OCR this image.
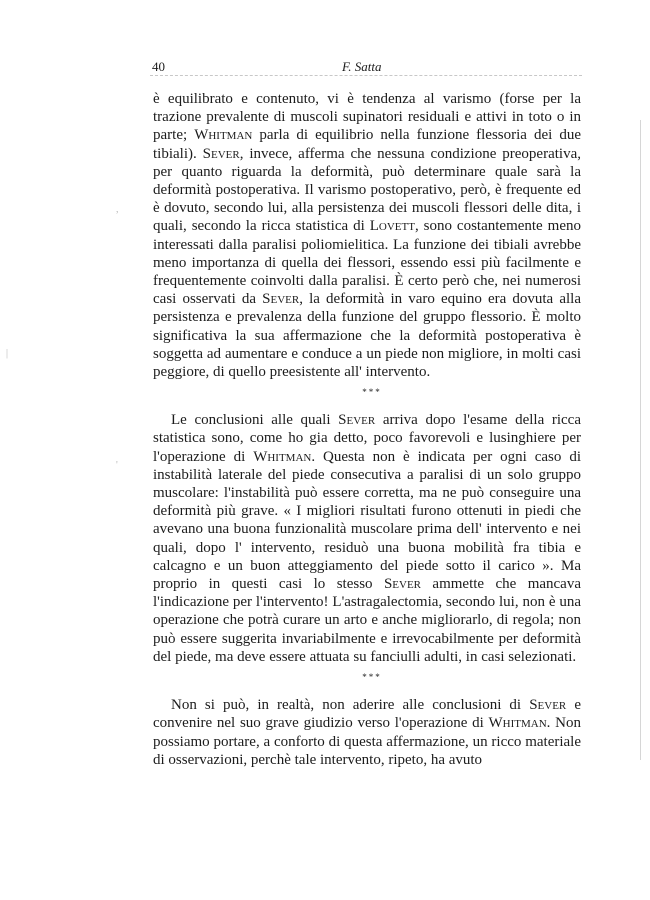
40	F. Satta

è equilibrato e contenuto, vi è tendenza al varismo (forse per la trazione prevalente di muscoli supinatori residuali e attivi in toto o in parte; Whitman parla di equilibrio nella funzione flessoria dei due tibiali). Sever, invece, afferma che nessuna condizione preoperativa, per quanto riguarda la deformità, può determinare quale sarà la deformità postoperativa. Il varismo postoperativo, però, è frequente ed è dovuto, secondo lui, alla persistenza dei muscoli flessori delle dita, i quali, secondo la ricca statistica di Lovett, sono costantemente meno interessati dalla paralisi poliomielitica. La funzione dei tibiali avrebbe meno importanza di quella dei flessori, essendo essi più facilmente e frequentemente coinvolti dalla paralisi. È certo però che, nei numerosi casi osservati da Sever, la deformità in varo equino era dovuta alla persistenza e prevalenza della funzione del gruppo flessorio. È molto significativa la sua affermazione che la deformità postoperativa è soggetta ad aumentare e conduce a un piede non migliore, in molti casi peggiore, di quello preesistente all' intervento.

***

Le conclusioni alle quali Sever arriva dopo l'esame della ricca statistica sono, come ho gia detto, poco favorevoli e lusinghiere per l'operazione di Whitman. Questa non è indicata per ogni caso di instabilità laterale del piede consecutiva a paralisi di un solo gruppo muscolare: l'instabilità può essere corretta, ma ne può conseguire una deformità più grave. « I migliori risultati furono ottenuti in piedi che avevano una buona funzionalità muscolare prima dell' intervento e nei quali, dopo l' intervento, residuò una buona mobilità fra tibia e calcagno e un buon atteggiamento del piede sotto il carico ». Ma proprio in questi casi lo stesso Sever ammette che mancava l'indicazione per l'intervento! L'astragalectomia, secondo lui, non è una operazione che potrà curare un arto e anche migliorarlo, di regola; non può essere suggerita invariabilmente e irrevocabilmente per deformità del piede, ma deve essere attuata su fanciulli adulti, in casi selezionati.

***

Non si può, in realtà, non aderire alle conclusioni di Sever e convenire nel suo grave giudizio verso l'operazione di Whitman. Non possiamo portare, a conforto di questa affermazione, un ricco materiale di osservazioni, perchè tale intervento, ripeto, ha avuto

,
|
'
